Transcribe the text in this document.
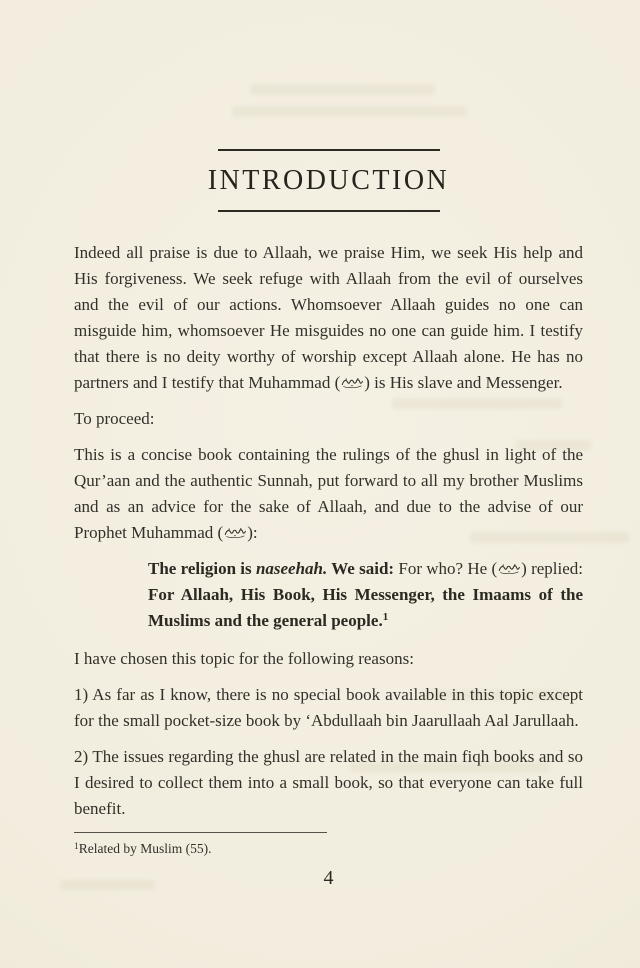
INTRODUCTION

Indeed all praise is due to Allaah, we praise Him, we seek His help and His forgiveness. We seek refuge with Allaah from the evil of ourselves and the evil of our actions. Whomsoever Allaah guides no one can misguide him, whomsoever He misguides no one can guide him. I testify that there is no deity worthy of worship except Allaah alone. He has no partners and I testify that Muhammad ( ) is His slave and Messenger.

To proceed:

This is a concise book containing the rulings of the ghusl in light of the Qur’aan and the authentic Sunnah, put forward to all my brother Muslims and as an advice for the sake of Allaah, and due to the advise of our Prophet Muhammad ( ):

The religion is naseehah. We said: For who? He ( ) replied: For Allaah, His Book, His Messenger, the Imaams of the Muslims and the general people.$^1$

I have chosen this topic for the following reasons:

1) As far as I know, there is no special book available in this topic except for the small pocket-size book by ‘Abdullaah bin Jaarullaah Aal Jarullaah.

2) The issues regarding the ghusl are related in the main fiqh books and so I desired to collect them into a small book, so that everyone can take full benefit.

$^1$Related by Muslim (55).
4
